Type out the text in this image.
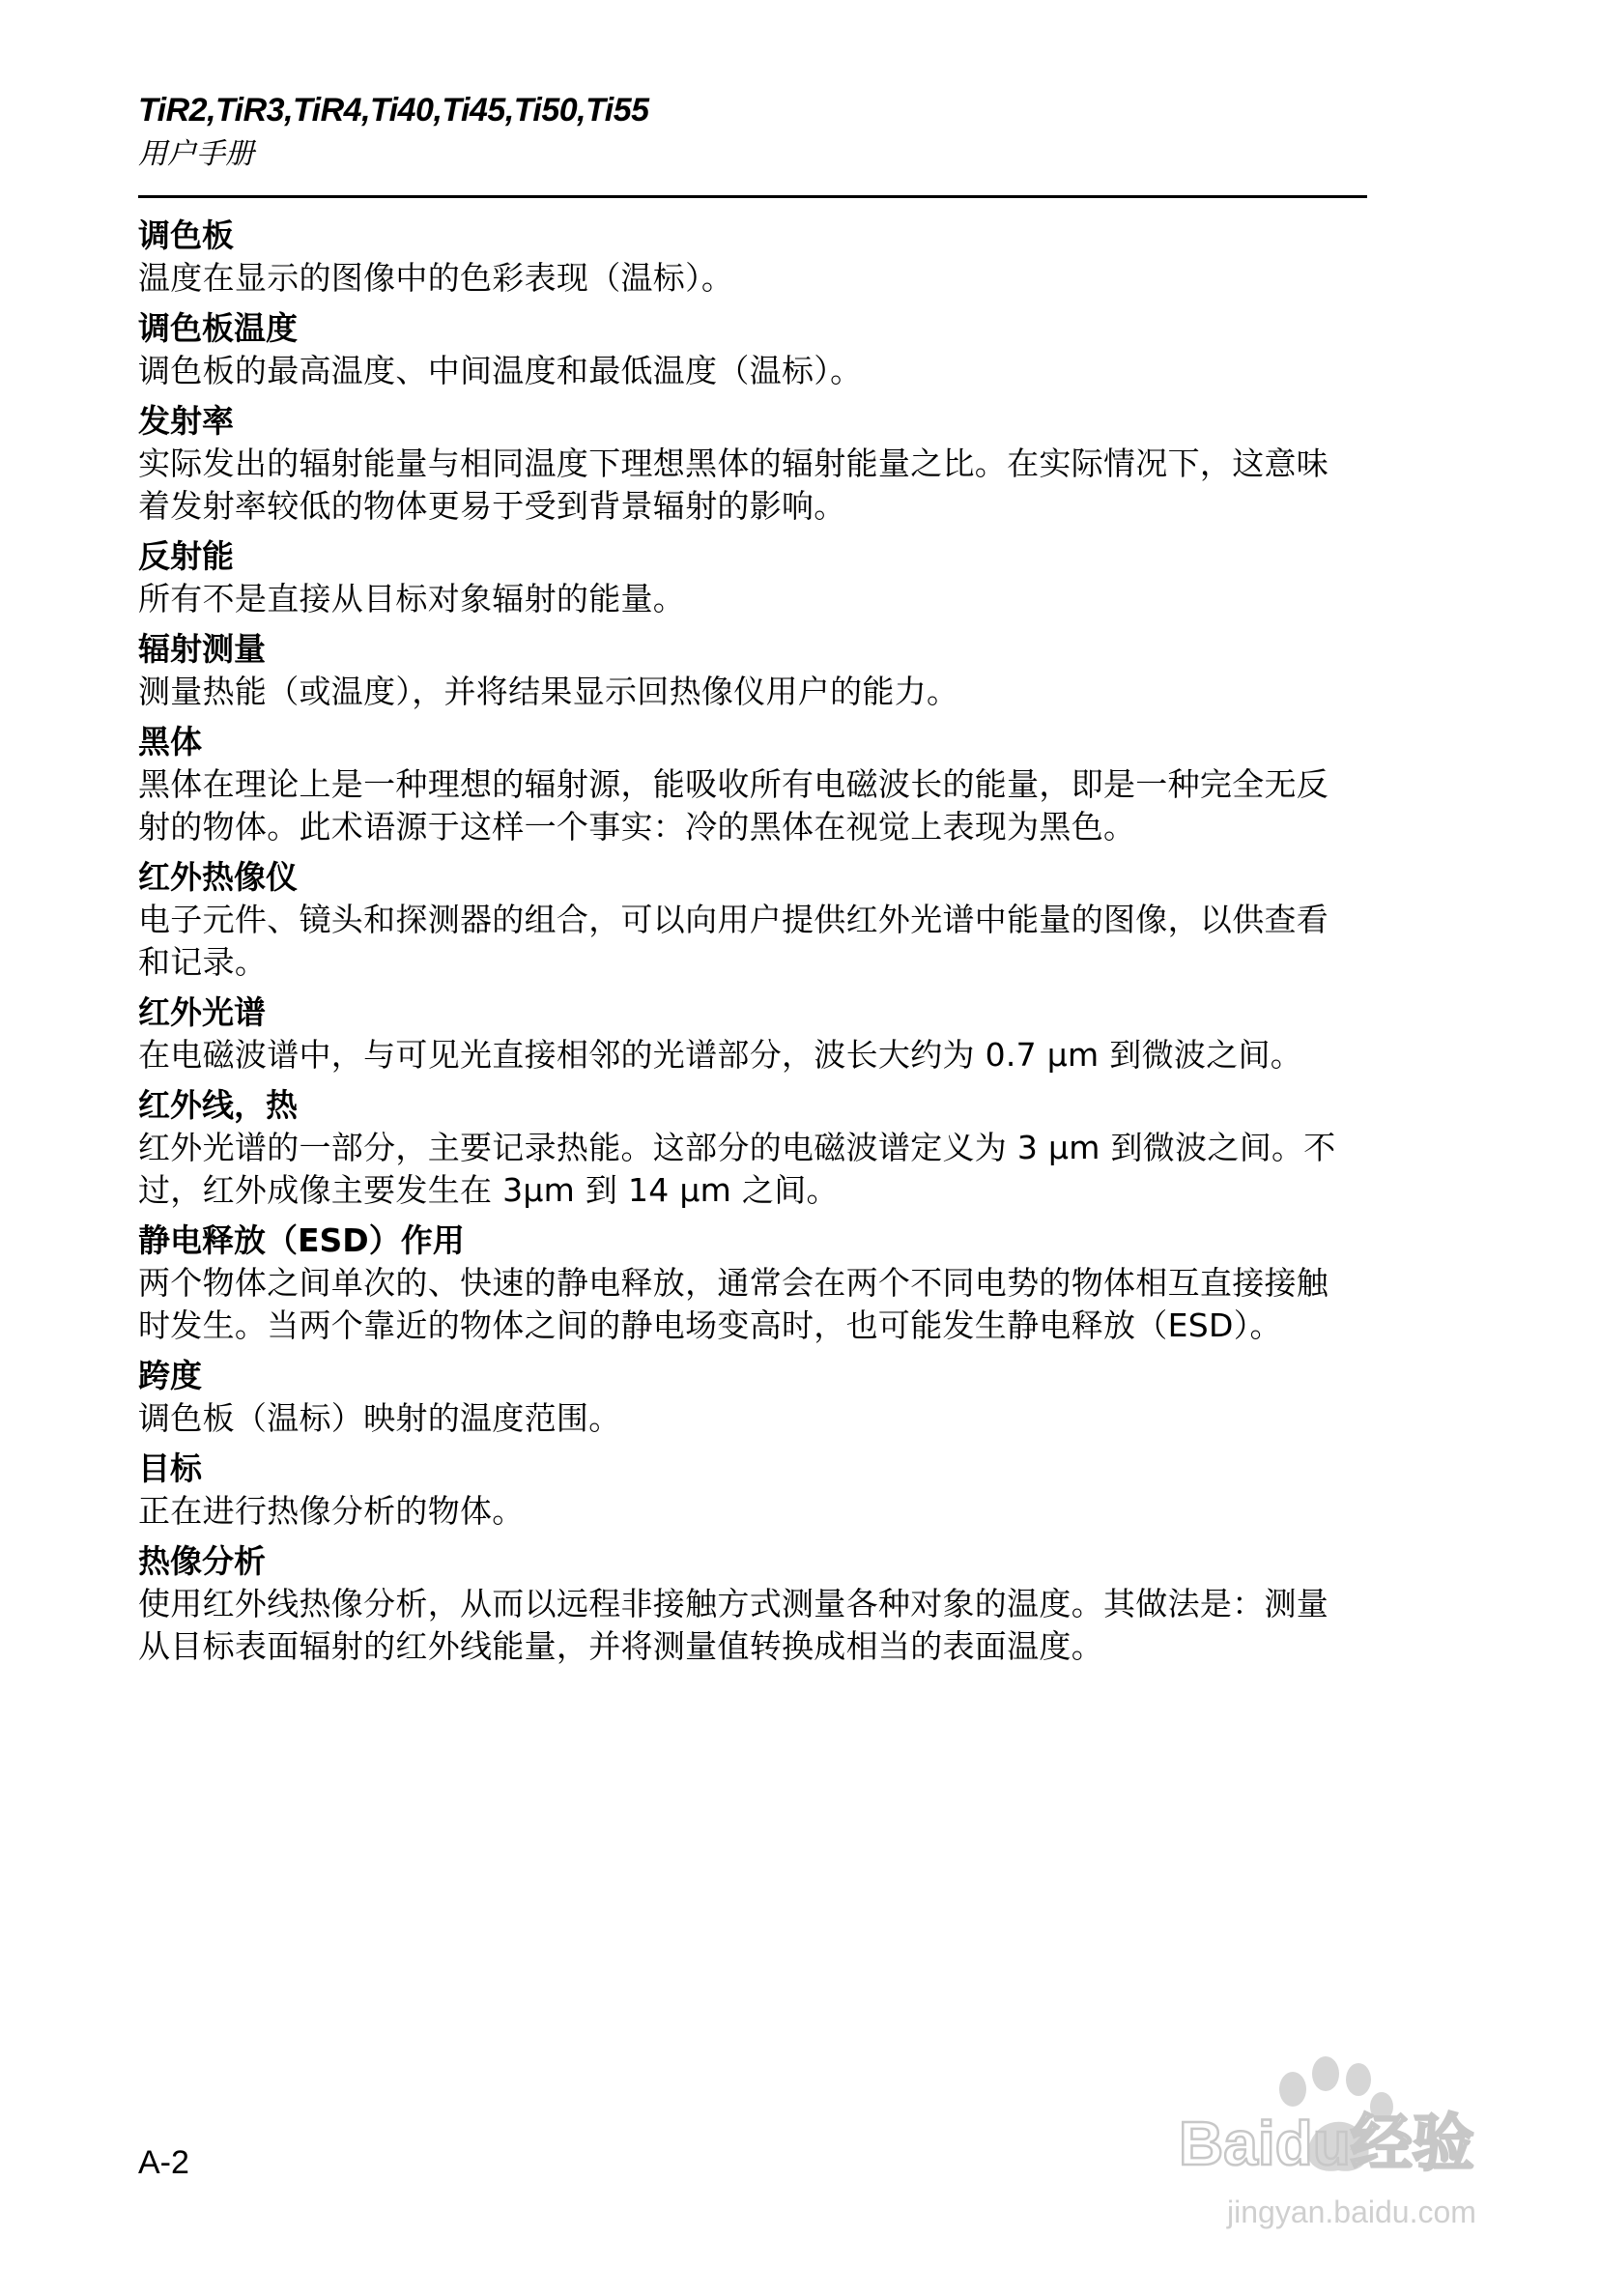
TiR2,TiR3,TiR4,Ti40,Ti45,Ti50,Ti55
用户手册
调色板
温度在显示的图像中的色彩表现（温标）。
调色板温度
调色板的最高温度、中间温度和最低温度（温标）。
发射率
实际发出的辐射能量与相同温度下理想黑体的辐射能量之比。在实际情况下，这意味着发射率较低的物体更易于受到背景辐射的影响。
反射能
所有不是直接从目标对象辐射的能量。
辐射测量
测量热能（或温度），并将结果显示回热像仪用户的能力。
黑体
黑体在理论上是一种理想的辐射源，能吸收所有电磁波长的能量，即是一种完全无反射的物体。此术语源于这样一个事实：冷的黑体在视觉上表现为黑色。
红外热像仪
电子元件、镜头和探测器的组合，可以向用户提供红外光谱中能量的图像，以供查看和记录。
红外光谱
在电磁波谱中，与可见光直接相邻的光谱部分，波长大约为 0.7 μm 到微波之间。
红外线，热
红外光谱的一部分，主要记录热能。这部分的电磁波谱定义为 3 μm 到微波之间。不过，红外成像主要发生在 3μm 到 14 μm 之间。
静电释放（ESD）作用
两个物体之间单次的、快速的静电释放，通常会在两个不同电势的物体相互直接接触时发生。当两个靠近的物体之间的静电场变高时，也可能发生静电释放（ESD）。
跨度
调色板（温标）映射的温度范围。
目标
正在进行热像分析的物体。
热像分析
使用红外线热像分析，从而以远程非接触方式测量各种对象的温度。其做法是：测量从目标表面辐射的红外线能量，并将测量值转换成相当的表面温度。
A-2	Baidu经验
jingyan.baidu.com
